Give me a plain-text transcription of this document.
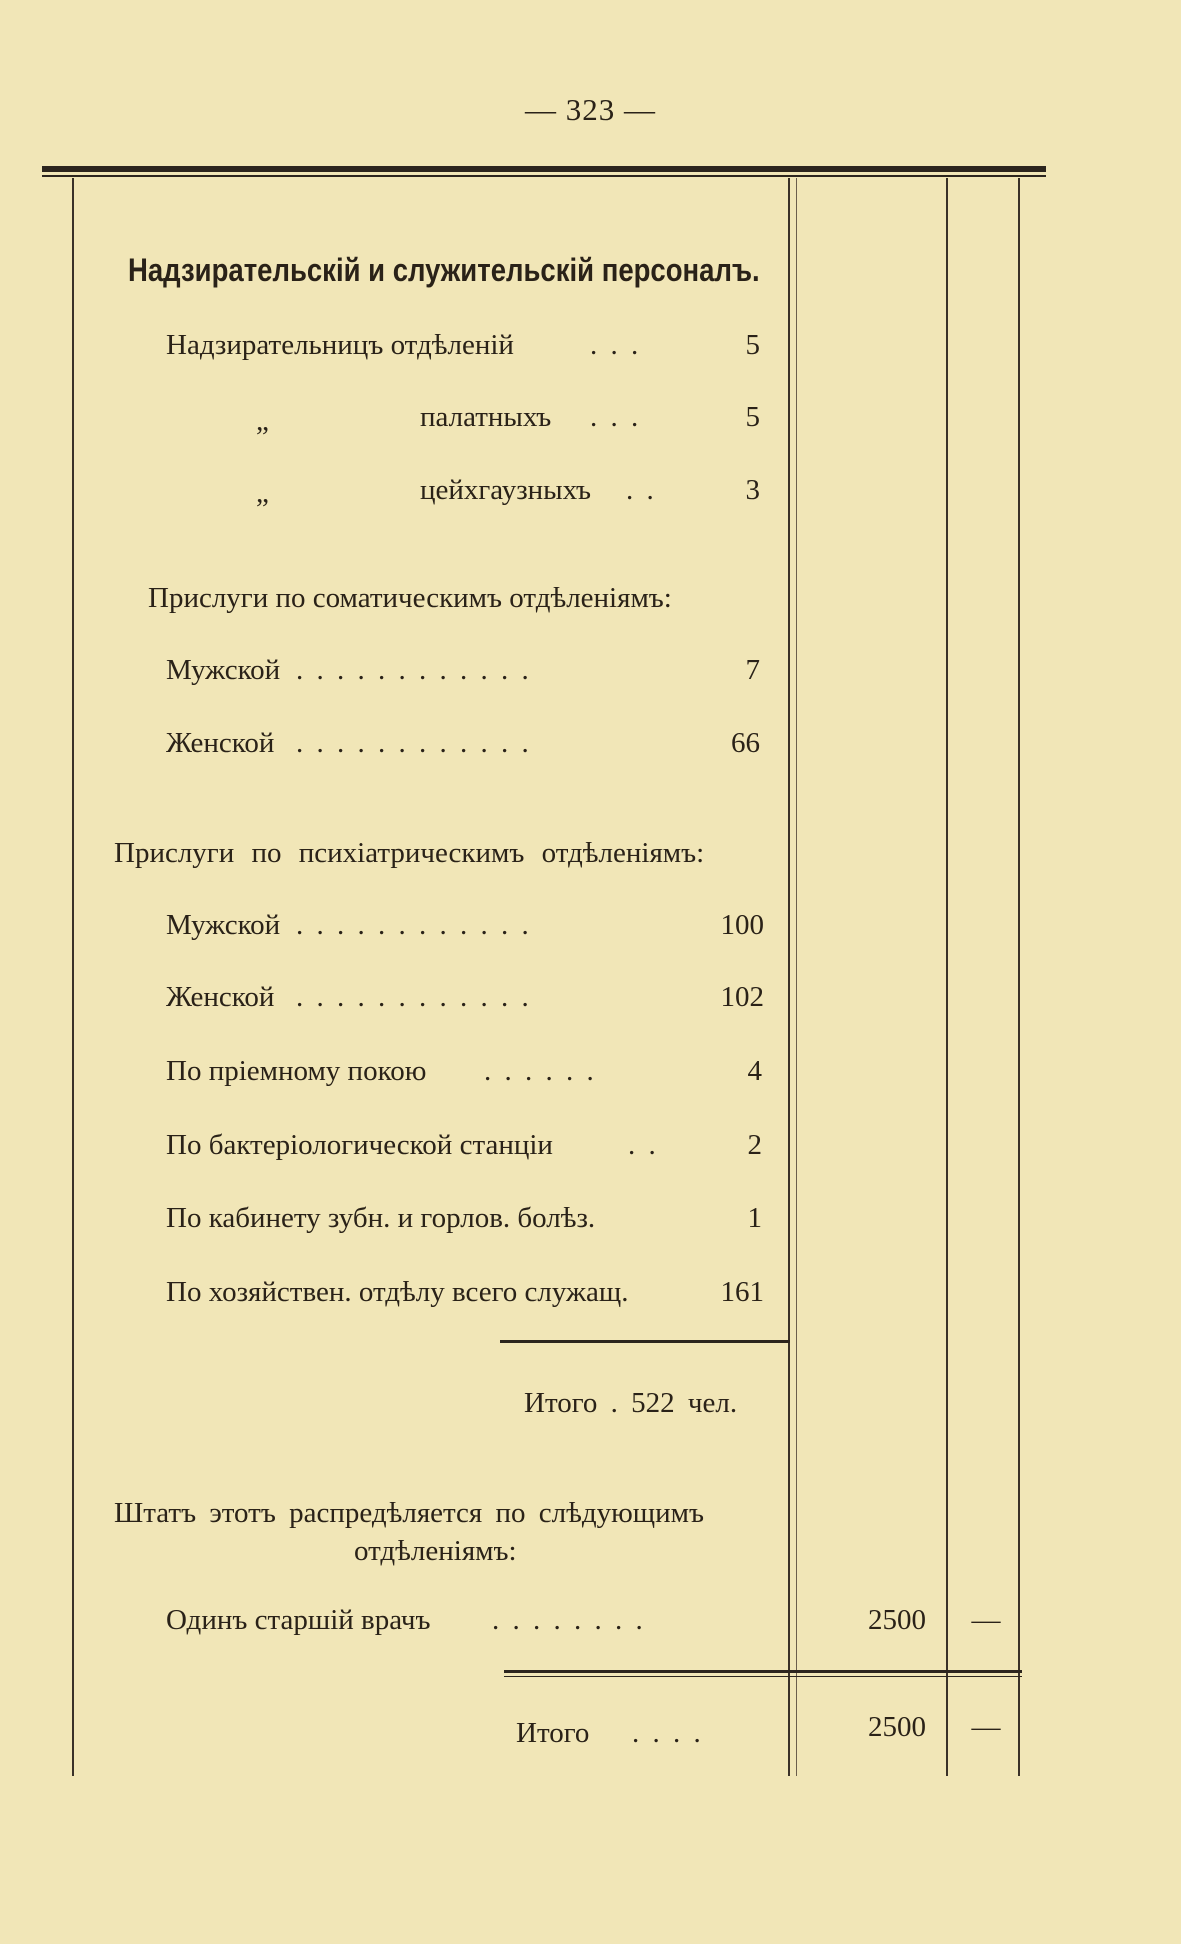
— 323 —
Надзирательскій и служительскій персоналъ.
Надзирательницъ отдѣленій	. . .	5
„	палатныхъ . . .	5
„	цейхгаузныхъ . .	3
Прислуги по соматическимъ отдѣленіямъ:
Мужской . . . . . . . . . . . .	7
Женской . . . . . . . . . . . .	66
Прислуги по психіатрическимъ отдѣленіямъ:
Мужской . . . . . . . . . . . .	100
Женской . . . . . . . . . . . .	102
По пріемному покою . . . . . .	4
По бактеріологической станціи	. .	2
По кабинету зубн. и горлов. болѣз.	1
По хозяйствен. отдѣлу всего служащ.	161
Итого . 522 чел.
Штатъ этотъ распредѣляется по слѣдующимъ
отдѣленіямъ:
Одинъ старшій врачъ . . . . . . . .	2500 —
Итого . . . .	2500 —
